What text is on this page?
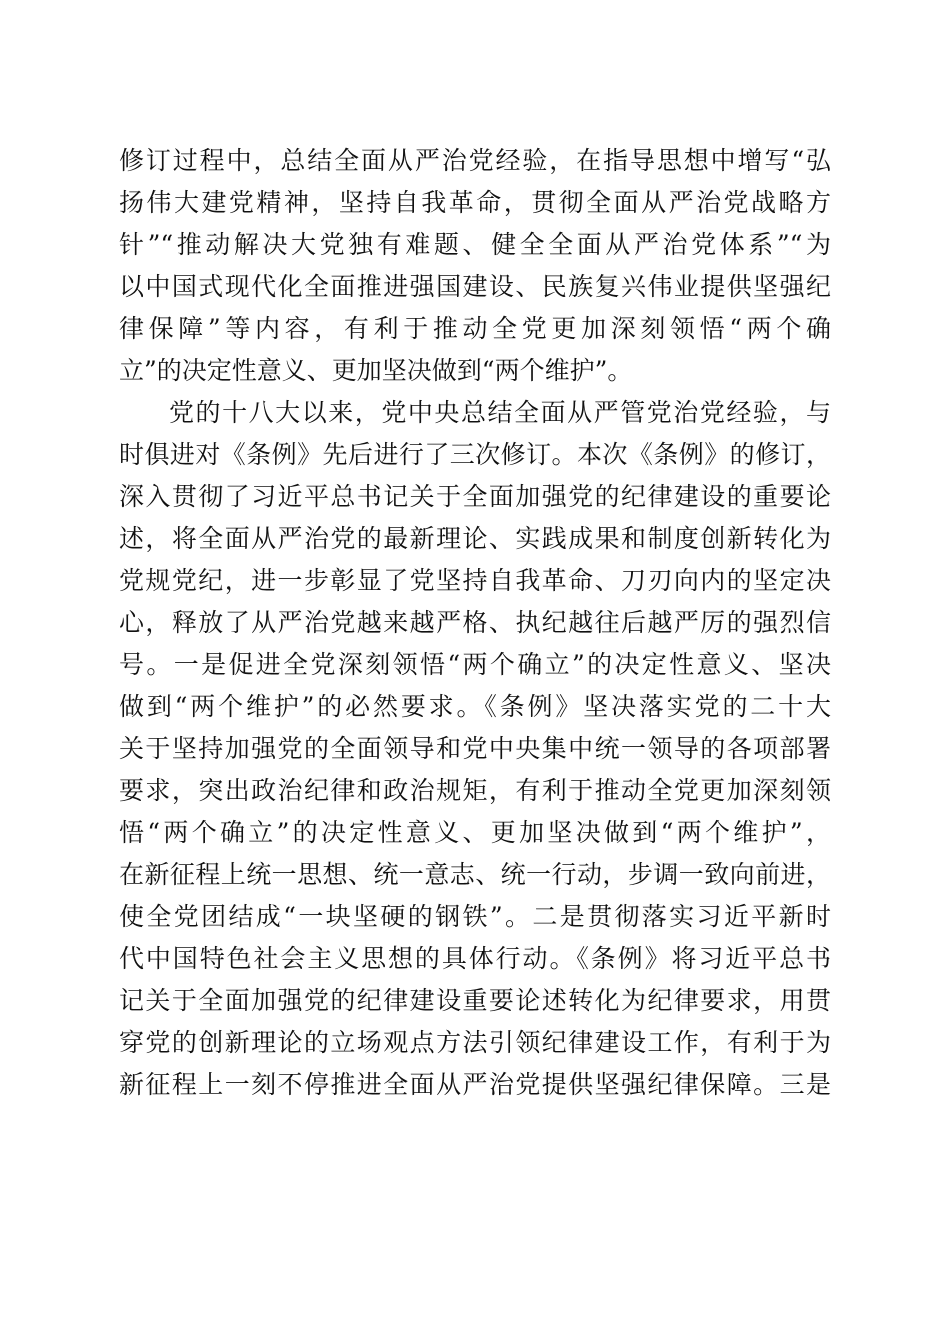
修订过程中，总结全面从严治党经验，在指导思想中增写“弘
扬伟大建党精神，坚持自我革命，贯彻全面从严治党战略方
针”“推动解决大党独有难题、健全全面从严治党体系”“为
以中国式现代化全面推进强国建设、民族复兴伟业提供坚强纪
律保障”等内容，有利于推动全党更加深刻领悟“两个确
立”的决定性意义、更加坚决做到“两个维护”。
党的十八大以来，党中央总结全面从严管党治党经验，与
时俱进对《条例》先后进行了三次修订。本次《条例》的修订，
深入贯彻了习近平总书记关于全面加强党的纪律建设的重要论
述，将全面从严治党的最新理论、实践成果和制度创新转化为
党规党纪，进一步彰显了党坚持自我革命、刀刃向内的坚定决
心，释放了从严治党越来越严格、执纪越往后越严厉的强烈信
号。一是促进全党深刻领悟“两个确立”的决定性意义、坚决
做到“两个维护”的必然要求。《条例》坚决落实党的二十大
关于坚持加强党的全面领导和党中央集中统一领导的各项部署
要求，突出政治纪律和政治规矩，有利于推动全党更加深刻领
悟“两个确立”的决定性意义、更加坚决做到“两个维护”，
在新征程上统一思想、统一意志、统一行动，步调一致向前进，
使全党团结成“一块坚硬的钢铁”。二是贯彻落实习近平新时
代中国特色社会主义思想的具体行动。《条例》将习近平总书
记关于全面加强党的纪律建设重要论述转化为纪律要求，用贯
穿党的创新理论的立场观点方法引领纪律建设工作，有利于为
新征程上一刻不停推进全面从严治党提供坚强纪律保障。三是
